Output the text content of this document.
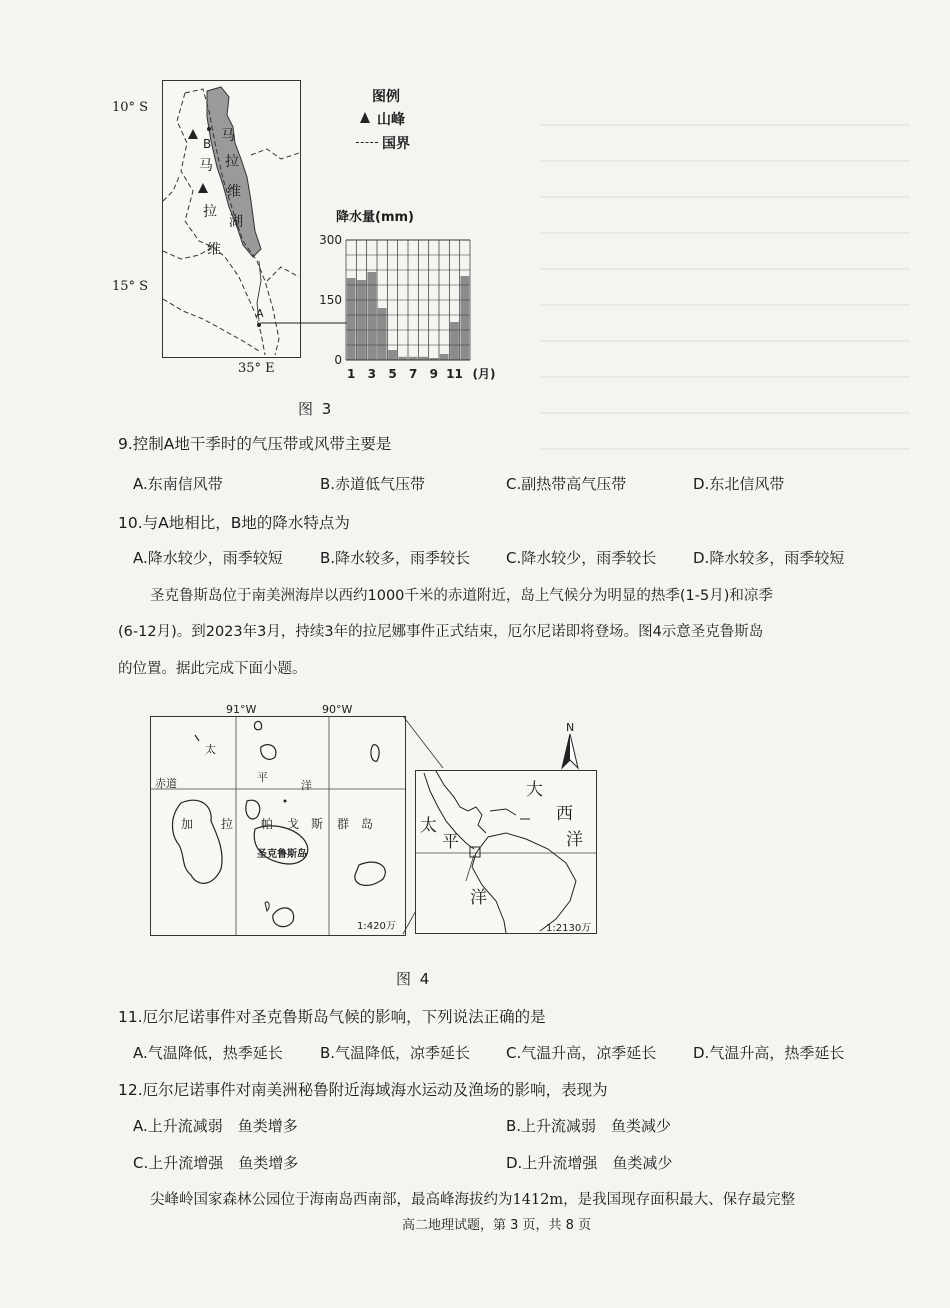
10° S
15° S
35° E
B
A
马
拉
维
马
拉
维
湖
图例
山峰
国界
降水量(mm)
300
150
0
1 3 5 7 9 11 (月)
图 3
9.控制A地干季时的气压带或风带主要是
A.东南信风带	B.赤道低气压带	C.副热带高气压带	D.东北信风带
10.与A地相比，B地的降水特点为
A.降水较少，雨季较短 B.降水较多，雨季较长 C.降水较少，雨季较长 D.降水较多，雨季较短
圣克鲁斯岛位于南美洲海岸以西约1000千米的赤道附近，岛上气候分为明显的热季(1-5月)和凉季
(6-12月)。到2023年3月，持续3年的拉尼娜事件正式结束，厄尔尼诺即将登场。图4示意圣克鲁斯岛
的位置。据此完成下面小题。
91°W	90°W
赤道
太
平
洋
加 拉 帕 戈 斯 群 岛
圣克鲁斯岛
1:420万
大
西
洋
太
平
洋
1:2130万
N
图 4
11.厄尔尼诺事件对圣克鲁斯岛气候的影响，下列说法正确的是
A.气温降低，热季延长 B.气温降低，凉季延长 C.气温升高，凉季延长 D.气温升高，热季延长
12.厄尔尼诺事件对南美洲秘鲁附近海域海水运动及渔场的影响，表现为
A.上升流减弱　鱼类增多	B.上升流减弱　鱼类减少
C.上升流增强　鱼类增多	D.上升流增强　鱼类减少
尖峰岭国家森林公园位于海南岛西南部，最高峰海拔约为1412m，是我国现存面积最大、保存最完整
高二地理试题，第 3 页，共 8 页
